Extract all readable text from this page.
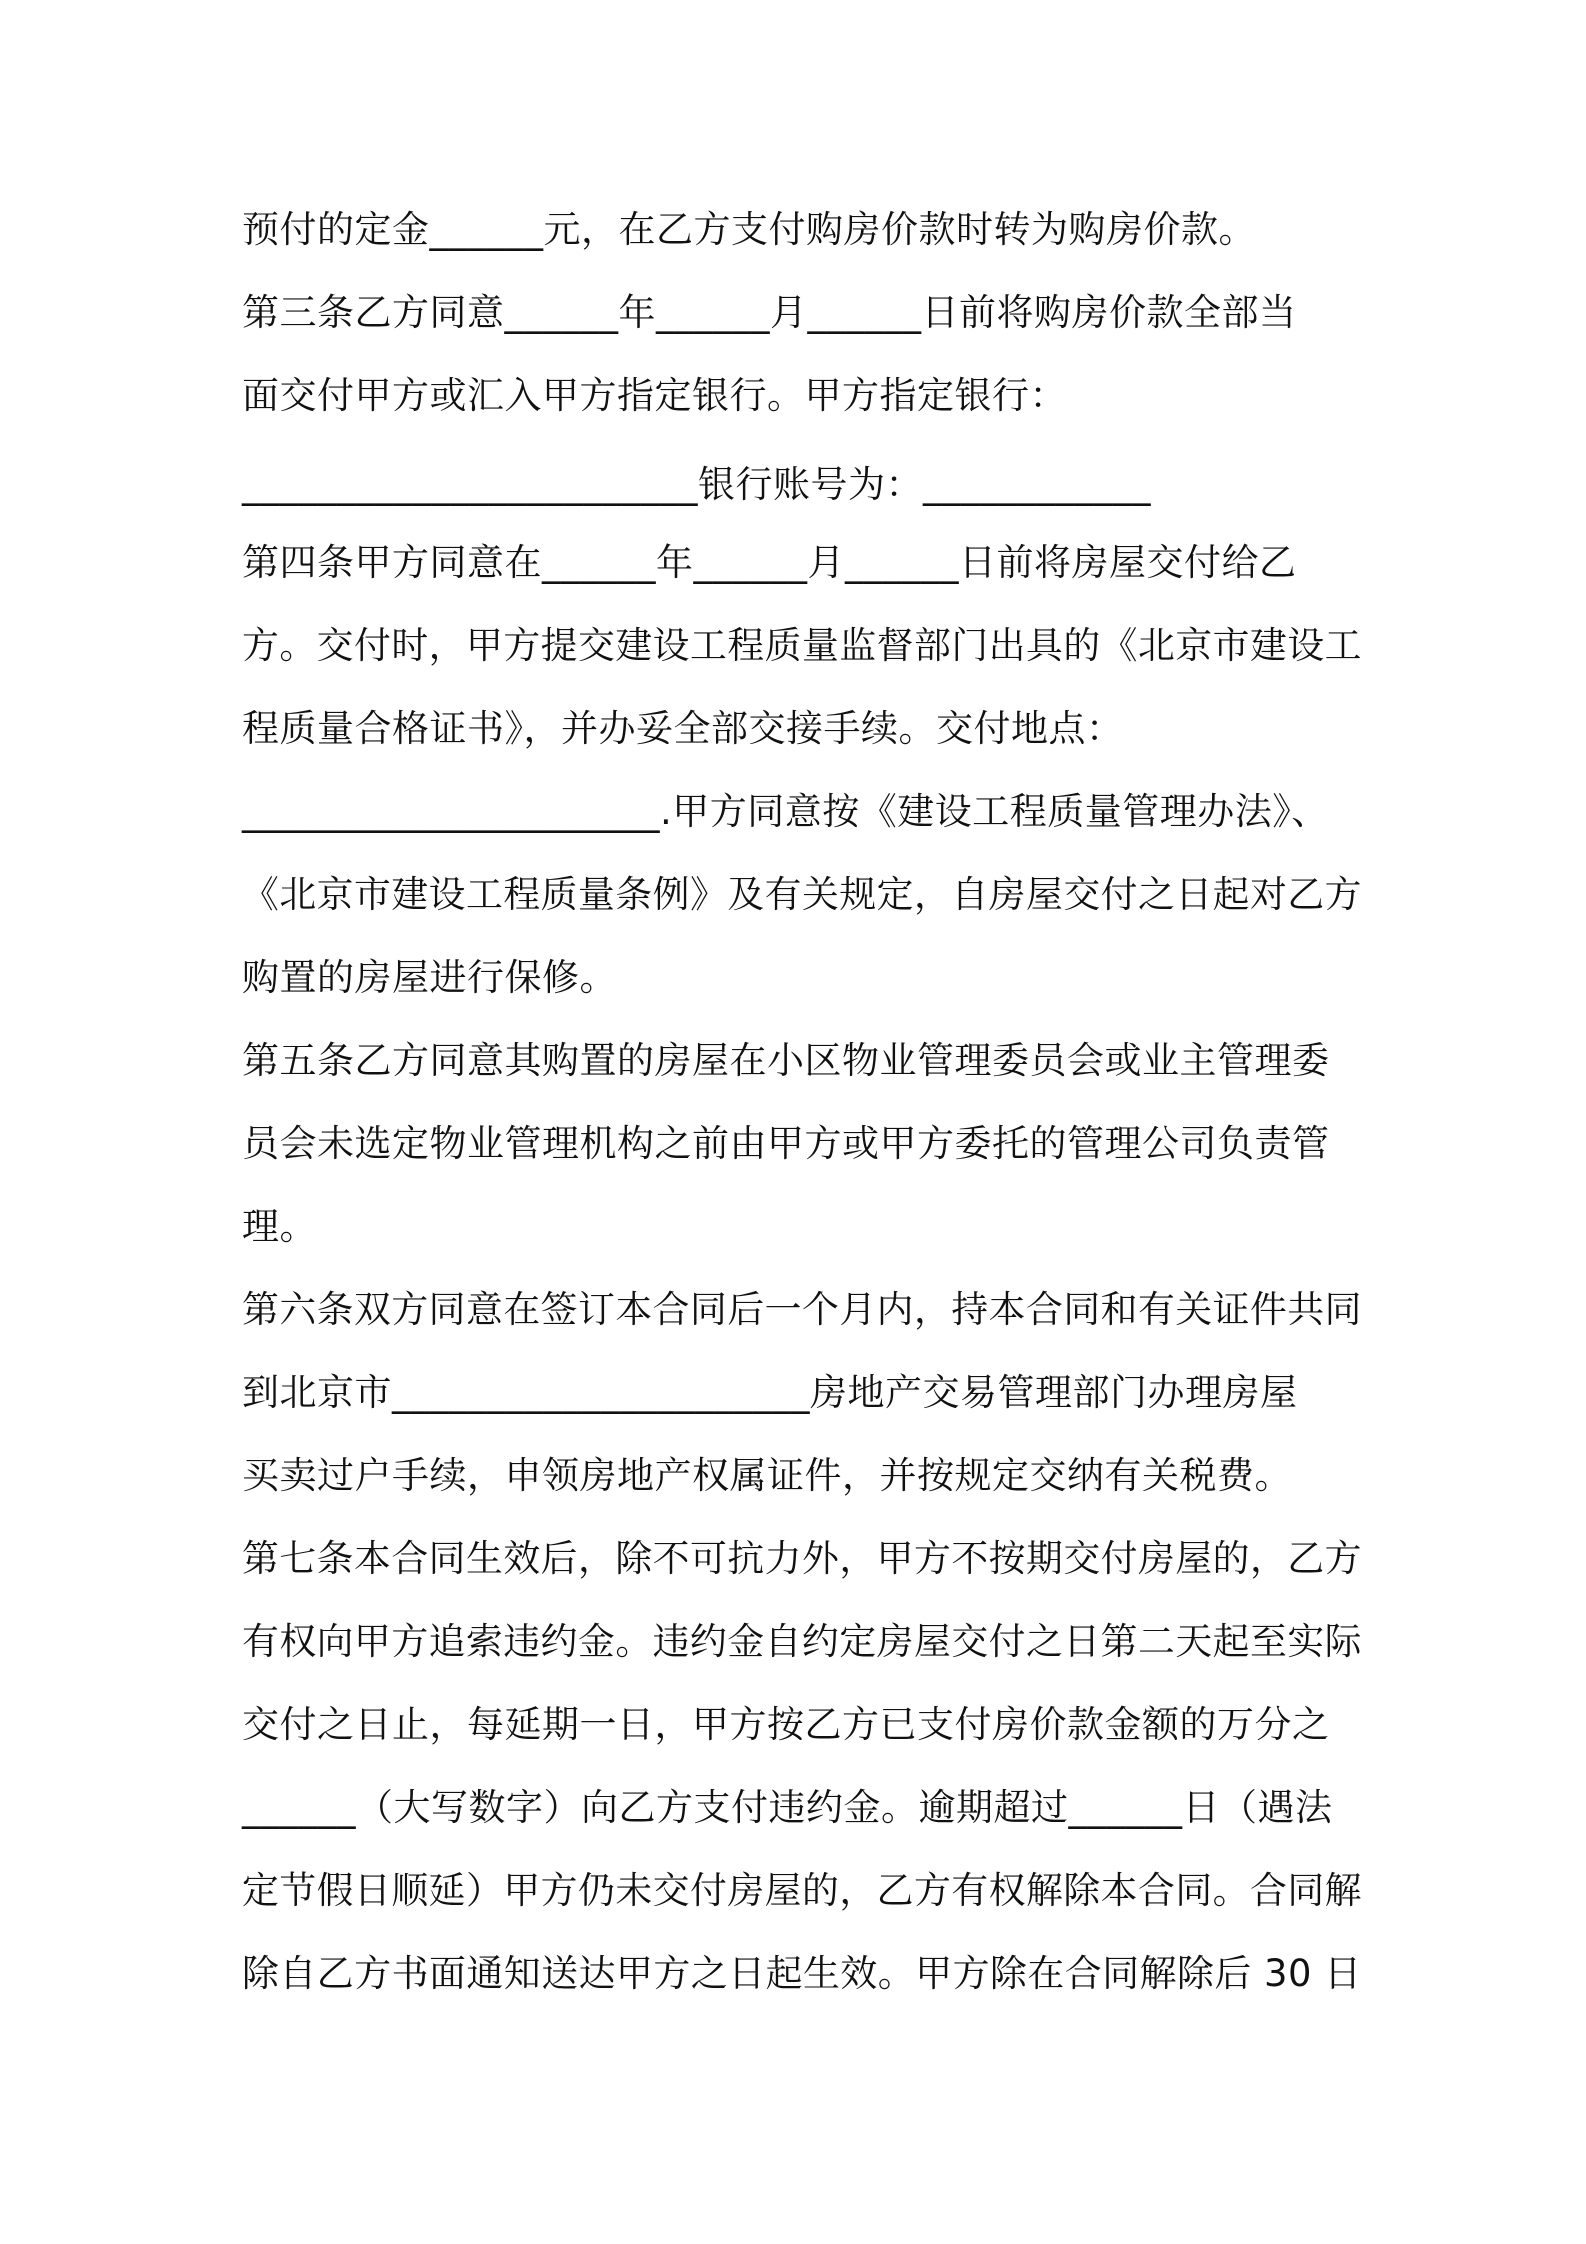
预付的定金______元，在乙方支付购房价款时转为购房价款。
第三条乙方同意______年______月______日前将购房价款全部当
面交付甲方或汇入甲方指定银行。甲方指定银行：
________________________银行账号为：____________
第四条甲方同意在______年______月______日前将房屋交付给乙
方。交付时，甲方提交建设工程质量监督部门出具的《北京市建设工
程质量合格证书》，并办妥全部交接手续。交付地点：
______________________.甲方同意按《建设工程质量管理办法》、
《北京市建设工程质量条例》及有关规定，自房屋交付之日起对乙方
购置的房屋进行保修。
第五条乙方同意其购置的房屋在小区物业管理委员会或业主管理委
员会未选定物业管理机构之前由甲方或甲方委托的管理公司负责管
理。
第六条双方同意在签订本合同后一个月内，持本合同和有关证件共同
到北京市______________________房地产交易管理部门办理房屋
买卖过户手续，申领房地产权属证件，并按规定交纳有关税费。
第七条本合同生效后，除不可抗力外，甲方不按期交付房屋的，乙方
有权向甲方追索违约金。违约金自约定房屋交付之日第二天起至实际
交付之日止，每延期一日，甲方按乙方已支付房价款金额的万分之
______（大写数字）向乙方支付违约金。逾期超过______日（遇法
定节假日顺延）甲方仍未交付房屋的，乙方有权解除本合同。合同解
除自乙方书面通知送达甲方之日起生效。甲方除在合同解除后 30 日
